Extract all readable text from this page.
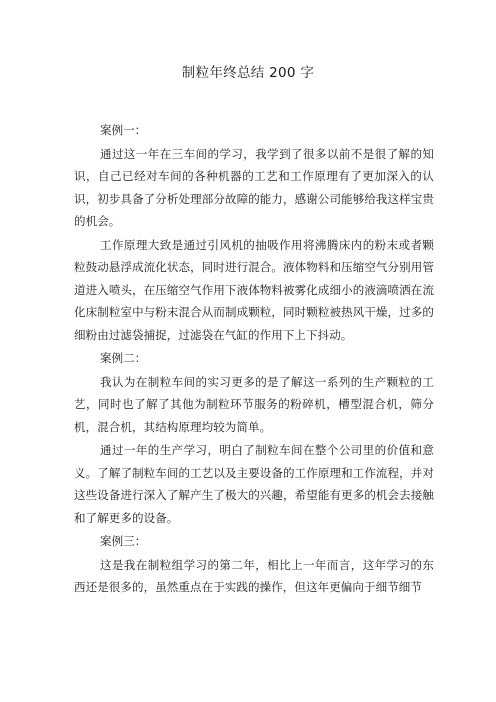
制粒年终总结 200 字

案例一：

通过这一年在三车间的学习，我学到了很多以前不是很了解的知识，自己已经对车间的各种机器的工艺和工作原理有了更加深入的认识，初步具备了分析处理部分故障的能力，感谢公司能够给我这样宝贵的机会。

工作原理大致是通过引风机的抽吸作用将沸腾床内的粉末或者颗粒鼓动悬浮成流化状态，同时进行混合。液体物料和压缩空气分别用管道进入喷头，在压缩空气作用下液体物料被雾化成细小的液滴喷洒在流化床制粒室中与粉末混合从而制成颗粒，同时颗粒被热风干燥，过多的细粉由过滤袋捕捉，过滤袋在气缸的作用下上下抖动。

案例二：

我认为在制粒车间的实习更多的是了解这一系列的生产颗粒的工艺，同时也了解了其他为制粒环节服务的粉碎机，槽型混合机，筛分机，混合机，其结构原理均较为简单。

通过一年的生产学习，明白了制粒车间在整个公司里的价值和意义。了解了制粒车间的工艺以及主要设备的工作原理和工作流程，并对这些设备进行深入了解产生了极大的兴趣，希望能有更多的机会去接触和了解更多的设备。

案例三：

这是我在制粒组学习的第二年，相比上一年而言，这年学习的东西还是很多的，虽然重点在于实践的操作，但这年更偏向于细节细节
